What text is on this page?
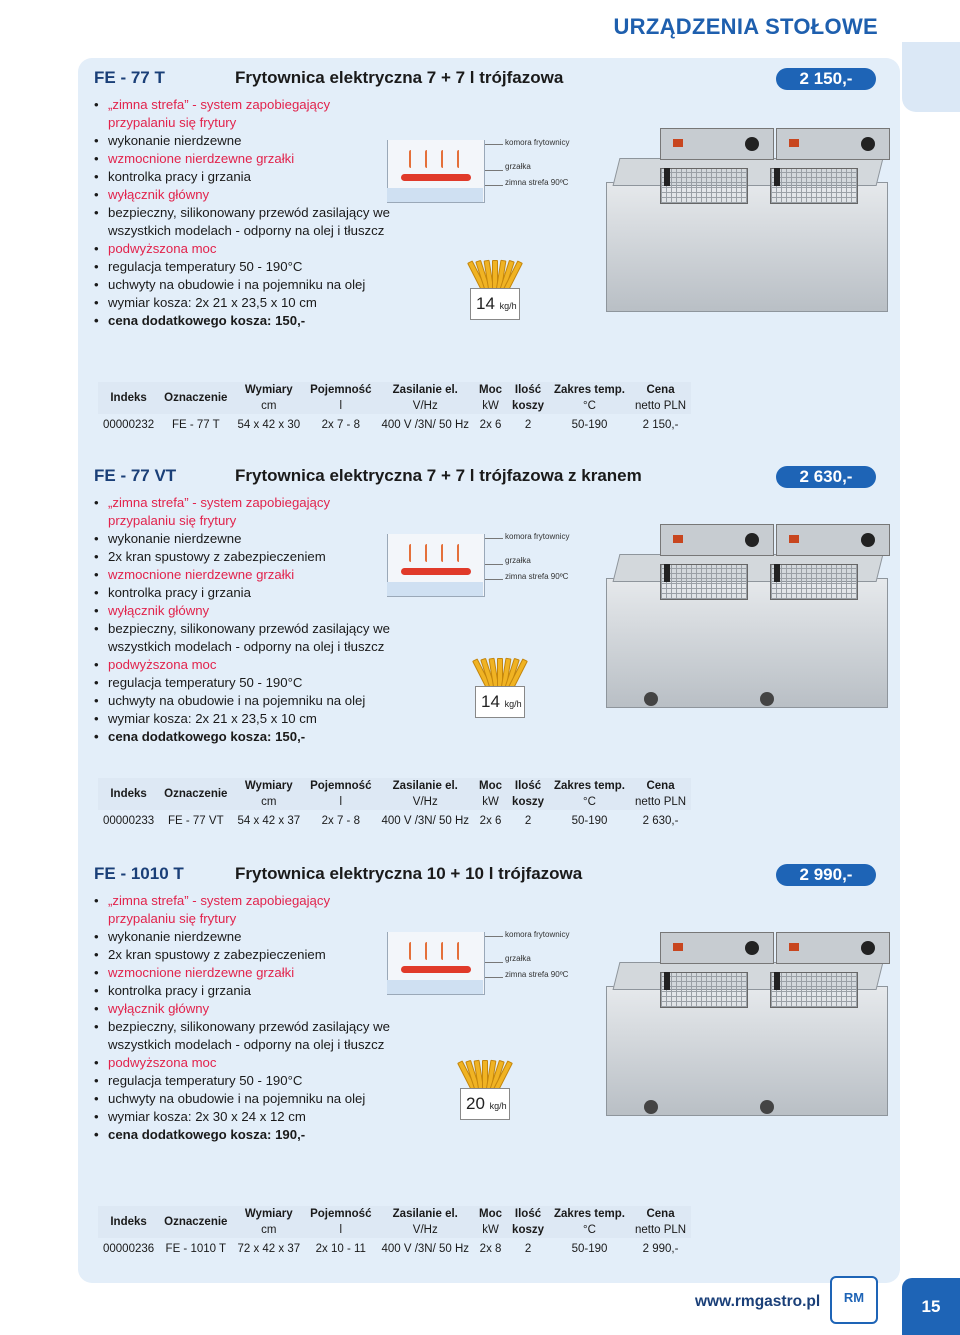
URZĄDZENIA STOŁOWE
FE - 77 T	Frytownica elektryczna 7 + 7 l trójfazowa	2 150,-
• „zimna strefa” - system zapobiegający
przypalaniu się frytury
• wykonanie nierdzewne
• wzmocnione nierdzewne grzałki
• kontrolka pracy i grzania
• wyłącznik główny
• bezpieczny, silikonowany przewód zasilający we
wszystkich modelach - odporny na olej i tłuszcz
• podwyższona moc
• regulacja temperatury 50 - 190°C
• uchwyty na obudowie i na pojemniku na olej
• wymiar kosza: 2x 21 x 23,5 x 10 cm
• cena dodatkowego kosza: 150,-
komora frytownicy
grzałka
zimna strefa 90ºC
14 kg/h
Indeks	Oznaczenie	Wymiary	Pojemność	Zasilanie el.	Moc	Ilość	Zakres temp.	Cena
		cm	l	V/Hz	kW	koszy	°C	netto PLN
00000232	FE - 77 T	54 x 42 x 30	2x 7 - 8	400 V /3N/ 50 Hz	2x 6	2	50-190	2 150,-
FE - 77 VT	Frytownica elektryczna 7 + 7 l trójfazowa z kranem	2 630,-
• „zimna strefa” - system zapobiegający
przypalaniu się frytury
• wykonanie nierdzewne
• 2x kran spustowy z zabezpieczeniem
• wzmocnione nierdzewne grzałki
• kontrolka pracy i grzania
• wyłącznik główny
• bezpieczny, silikonowany przewód zasilający we
wszystkich modelach - odporny na olej i tłuszcz
• podwyższona moc
• regulacja temperatury 50 - 190°C
• uchwyty na obudowie i na pojemniku na olej
• wymiar kosza: 2x 21 x 23,5 x 10 cm
• cena dodatkowego kosza: 150,-
komora frytownicy
grzałka
zimna strefa 90ºC
14 kg/h
Indeks	Oznaczenie	Wymiary	Pojemność	Zasilanie el.	Moc	Ilość	Zakres temp.	Cena
		cm	l	V/Hz	kW	koszy	°C	netto PLN
00000233	FE - 77 VT	54 x 42 x 37	2x 7 - 8	400 V /3N/ 50 Hz	2x 6	2	50-190	2 630,-
FE - 1010 T	Frytownica elektryczna 10 + 10 l trójfazowa	2 990,-
• „zimna strefa” - system zapobiegający
przypalaniu się frytury
• wykonanie nierdzewne
• 2x kran spustowy z zabezpieczeniem
• wzmocnione nierdzewne grzałki
• kontrolka pracy i grzania
• wyłącznik główny
• bezpieczny, silikonowany przewód zasilający we
wszystkich modelach - odporny na olej i tłuszcz
• podwyższona moc
• regulacja temperatury 50 - 190°C
• uchwyty na obudowie i na pojemniku na olej
• wymiar kosza: 2x 30 x 24 x 12 cm
• cena dodatkowego kosza: 190,-
komora frytownicy
grzałka
zimna strefa 90ºC
20 kg/h
Indeks	Oznaczenie	Wymiary	Pojemność	Zasilanie el.	Moc	Ilość	Zakres temp.	Cena
		cm	l	V/Hz	kW	koszy	°C	netto PLN
00000236	FE - 1010 T	72 x 42 x 37	2x 10 - 11	400 V /3N/ 50 Hz	2x 8	2	50-190	2 990,-
www.rmgastro.pl RM	15
